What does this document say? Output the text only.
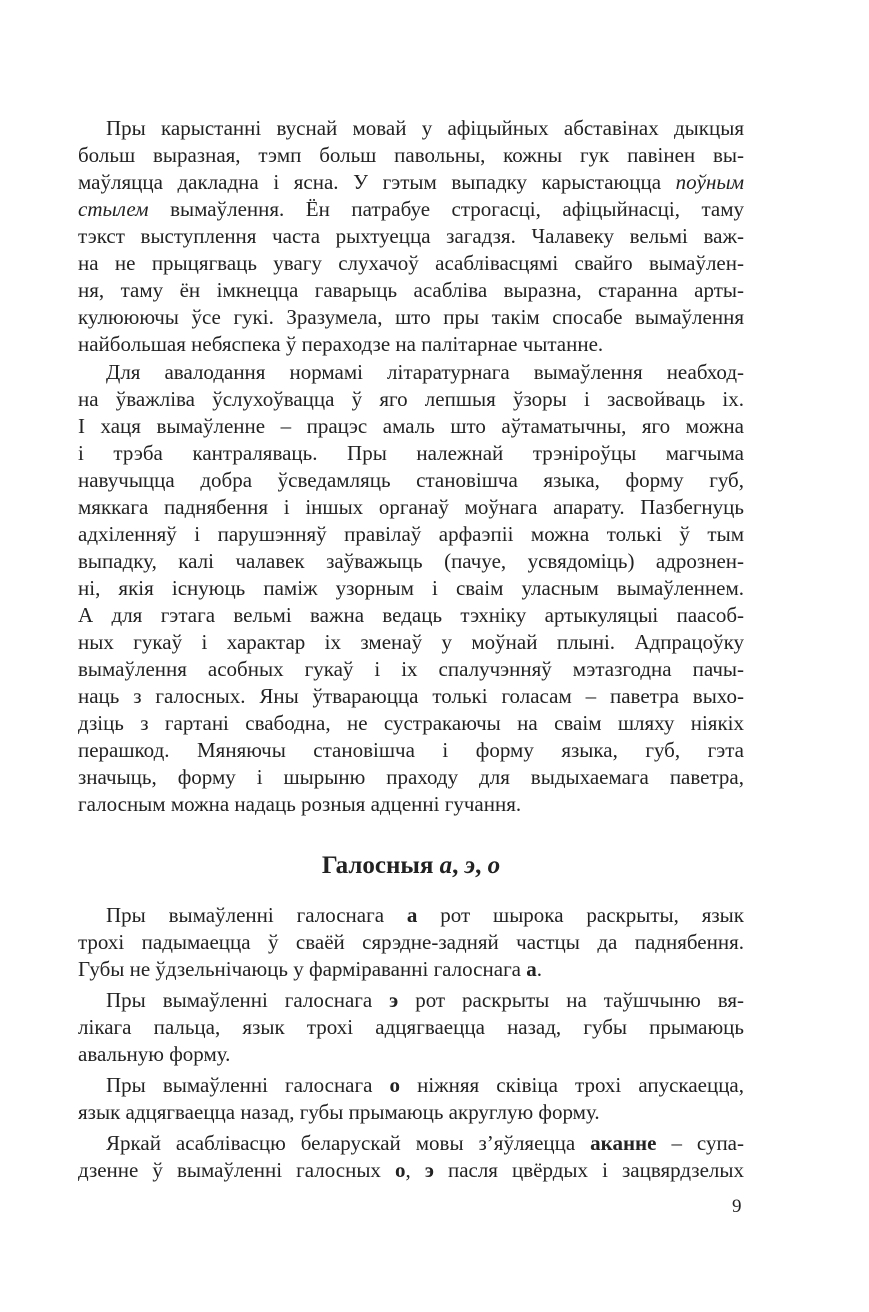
Пры карыстанні вуснай мовай у афіцыйных абставінах дыкцыя
больш выразная, тэмп больш павольны, кожны гук павінен вы-
маўляцца дакладна і ясна. У гэтым выпадку карыстаюцца поўным
стылем вымаўлення. Ён патрабуе строгасці, афіцыйнасці, таму
тэкст выступлення часта рыхтуецца загадзя. Чалавеку вельмі важ-
на не прыцягваць увагу слухачоў асаблівасцямі свайго вымаўлен-
ня, таму ён імкнецца гаварыць асабліва выразна, старанна арты-
кулююючы ўсе гукі. Зразумела, што пры такім спосабе вымаўлення
найбольшая небяспека ў пераходзе на палітарнае чытанне.
Для авалодання нормамі літаратурнага вымаўлення неабход-
на ўважліва ўслухоўвацца ў яго лепшыя ўзоры і засвойваць іх.
І хаця вымаўленне – працэс амаль што аўтаматычны, яго можна
і трэба кантраляваць. Пры належнай трэніроўцы магчыма
навучыцца добра ўсведамляць становішча языка, форму губ,
мяккага паднябення і іншых органаў моўнага апарату. Пазбегнуць
адхіленняў і парушэнняў правілаў арфаэпіі можна толькі ў тым
выпадку, калі чалавек заўважыць (пачуе, усвядоміць) адрознен-
ні, якія існуюць паміж узорным і сваім уласным вымаўленнем.
А для гэтага вельмі важна ведаць тэхніку артыкуляцыі паасоб-
ных гукаў і характар іх зменаў у моўнай плыні. Адпрацоўку
вымаўлення асобных гукаў і іх спалучэнняў мэтазгодна пачы-
наць з галосных. Яны ўтвараюцца толькі голасам – паветра выхо-
дзіць з гартані свабодна, не сустракаючы на сваім шляху ніякіх
перашкод. Мяняючы становішча і форму языка, губ, гэта
значыць, форму і шырыню праходу для выдыхаемага паветра,
галосным можна надаць розныя адценні гучання.
Галосныя а, э, о
Пры вымаўленні галоснага а рот шырока раскрыты, язык
трохі падымаецца ў сваёй сярэдне-задняй частцы да паднябення.
Губы не ўдзельнічаюць у фарміраванні галоснага а.
Пры вымаўленні галоснага э рот раскрыты на таўшчыню вя-
лікага пальца, язык трохі адцягваецца назад, губы прымаюць
авальную форму.
Пры вымаўленні галоснага о ніжняя сківіца трохі апускаецца,
язык адцягваецца назад, губы прымаюць акруглую форму.
Яркай асаблівасцю беларускай мовы з’яўляецца аканне – супа-
дзенне ў вымаўленні галосных о, э пасля цвёрдых і зацвярдзелых
9
